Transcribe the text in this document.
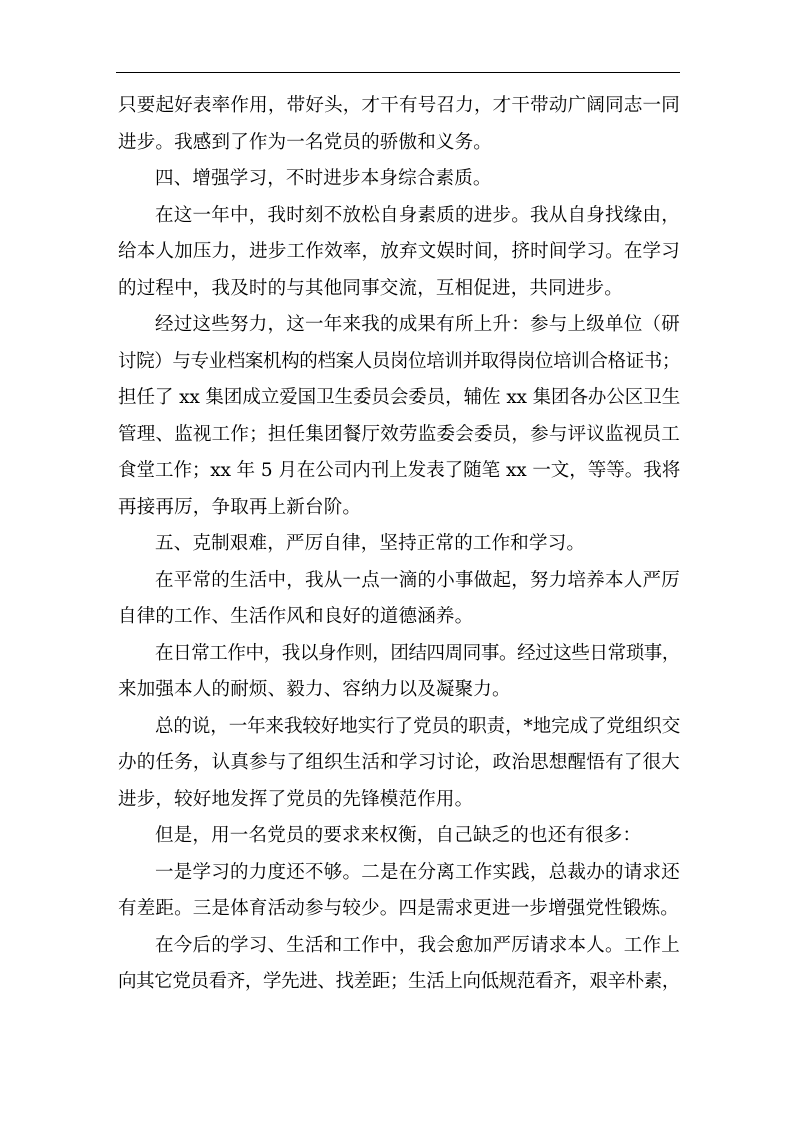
只要起好表率作用，带好头，才干有号召力，才干带动广阔同志一同
进步。我感到了作为一名党员的骄傲和义务。
四、增强学习，不时进步本身综合素质。
在这一年中，我时刻不放松自身素质的进步。我从自身找缘由，
给本人加压力，进步工作效率，放弃文娱时间，挤时间学习。在学习
的过程中，我及时的与其他同事交流，互相促进，共同进步。
经过这些努力，这一年来我的成果有所上升：参与上级单位（研
讨院）与专业档案机构的档案人员岗位培训并取得岗位培训合格证书；
担任了 xx 集团成立爱国卫生委员会委员，辅佐 xx 集团各办公区卫生
管理、监视工作；担任集团餐厅效劳监委会委员，参与评议监视员工
食堂工作；xx 年 5 月在公司内刊上发表了随笔 xx 一文，等等。我将
再接再厉，争取再上新台阶。
五、克制艰难，严厉自律，坚持正常的工作和学习。
在平常的生活中，我从一点一滴的小事做起，努力培养本人严厉
自律的工作、生活作风和良好的道德涵养。
在日常工作中，我以身作则，团结四周同事。经过这些日常琐事，
来加强本人的耐烦、毅力、容纳力以及凝聚力。
总的说，一年来我较好地实行了党员的职责，*地完成了党组织交
办的任务，认真参与了组织生活和学习讨论，政治思想醒悟有了很大
进步，较好地发挥了党员的先锋模范作用。
但是，用一名党员的要求来权衡，自己缺乏的也还有很多：
一是学习的力度还不够。二是在分离工作实践，总裁办的请求还
有差距。三是体育活动参与较少。四是需求更进一步增强党性锻炼。
在今后的学习、生活和工作中，我会愈加严厉请求本人。工作上
向其它党员看齐，学先进、找差距；生活上向低规范看齐，艰辛朴素，
